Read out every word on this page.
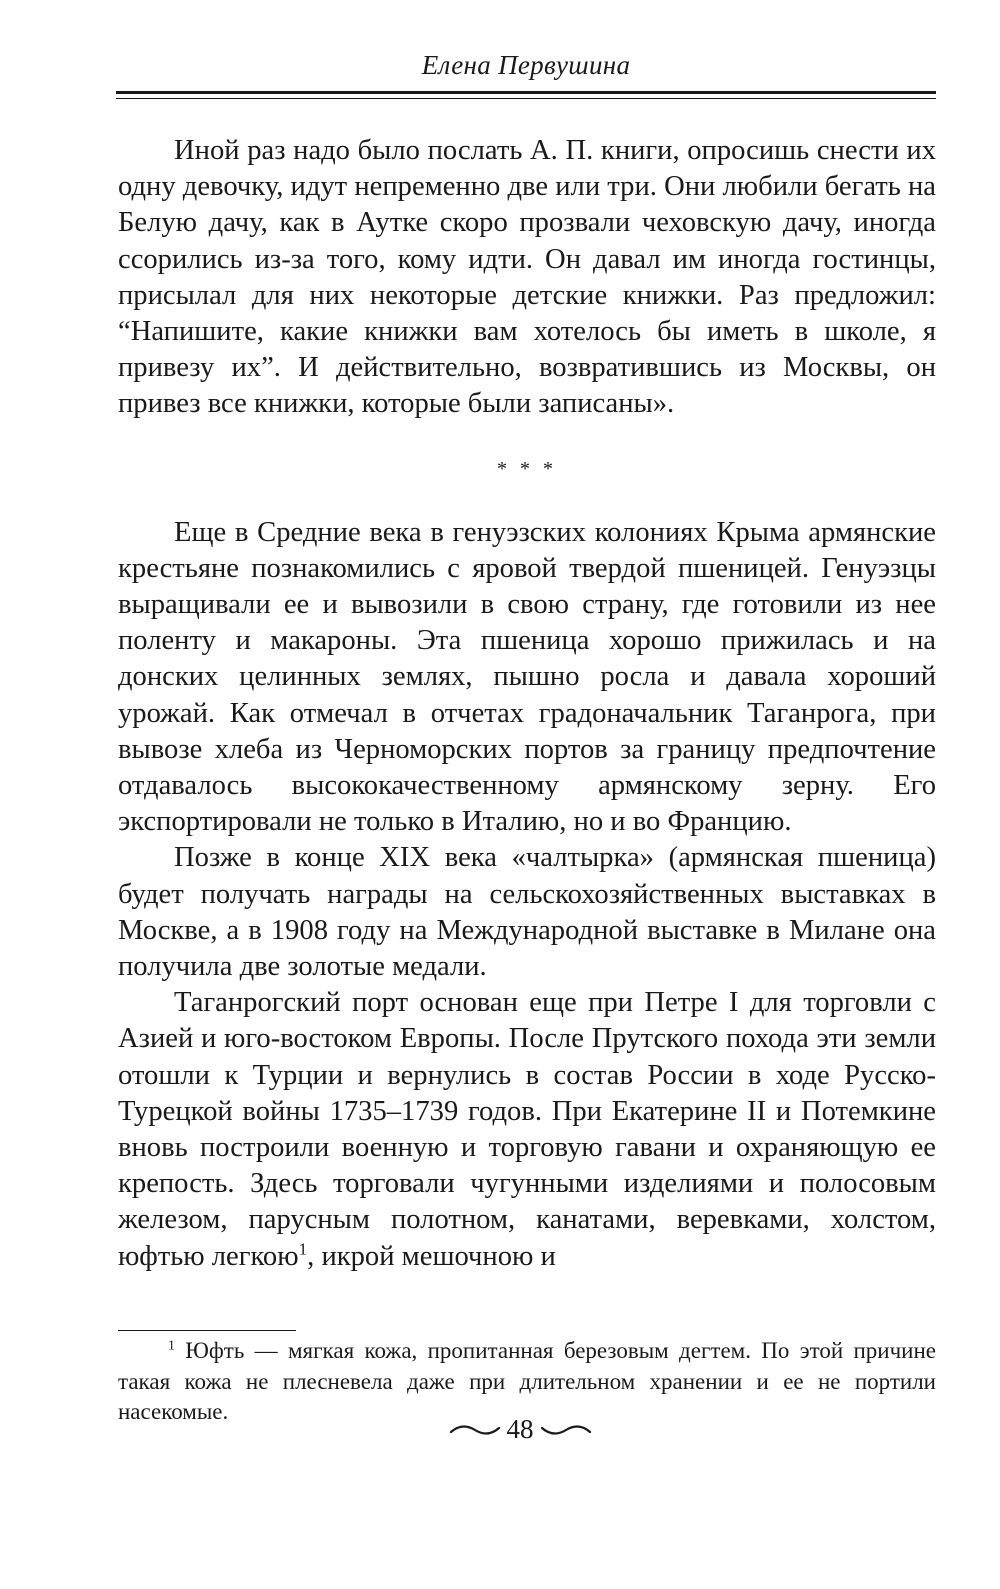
Елена Первушина

Иной раз надо было послать А. П. книги, опросишь снести их одну девочку, идут непременно две или три. Они любили бегать на Белую дачу, как в Аутке скоро прозвали чеховскую дачу, иногда ссорились из-за того, кому идти. Он давал им иногда гостинцы, присылал для них некоторые детские книжки. Раз предложил: “Напишите, какие книжки вам хотелось бы иметь в школе, я привезу их”. И действительно, возвратившись из Москвы, он привез все книжки, которые были записаны».

* * *

Еще в Средние века в генуэзских колониях Крыма армянские крестьяне познакомились с яровой твердой пшеницей. Генуэзцы выращивали ее и вывозили в свою страну, где готовили из нее поленту и макароны. Эта пшеница хорошо прижилась и на донских целинных землях, пышно росла и давала хороший урожай. Как отмечал в отчетах градоначальник Таганрога, при вывозе хлеба из Черноморских портов за границу предпочтение отдавалось высококачественному армянскому зерну. Его экспортировали не только в Италию, но и во Францию.

Позже в конце XIX века «чалтырка» (армянская пшеница) будет получать награды на сельскохозяйственных выставках в Москве, а в 1908 году на Международной выставке в Милане она получила две золотые медали.

Таганрогский порт основан еще при Петре I для торговли с Азией и юго-востоком Европы. После Прутского похода эти земли отошли к Турции и вернулись в состав России в ходе Русско-Турецкой войны 1735–1739 годов. При Екатерине II и Потемкине вновь построили военную и торговую гавани и охраняющую ее крепость. Здесь торговали чугунными изделиями и полосовым железом, парусным полотном, канатами, веревками, холстом, юфтью легкою$^1$, икрой мешочною и

$^1$ Юфть — мягкая кожа, пропитанная березовым дегтем. По этой причине такая кожа не плесневела даже при длительном хранении и ее не портили насекомые.

48
